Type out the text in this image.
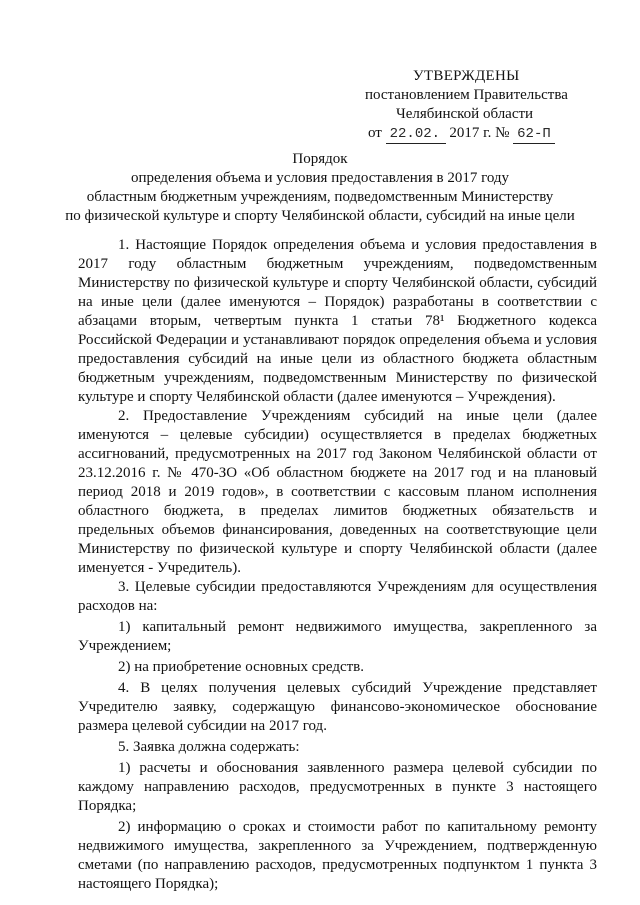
УТВЕРЖДЕНЫ
постановлением Правительства
Челябинской области
от 22.02. 2017 г. № 62-П
Порядок
определения объема и условия предоставления в 2017 году
областным бюджетным учреждениям, подведомственным Министерству
по физической культуре и спорту Челябинской области, субсидий на иные цели

1. Настоящие Порядок определения объема и условия предоставления в 2017 году областным бюджетным учреждениям, подведомственным Министерству по физической культуре и спорту Челябинской области, субсидий на иные цели (далее именуются – Порядок) разработаны в соответствии с абзацами вторым, четвертым пункта 1 статьи 78¹ Бюджетного кодекса Российской Федерации и устанавливают порядок определения объема и условия предоставления субсидий на иные цели из областного бюджета областным бюджетным учреждениям, подведомственным Министерству по физической культуре и спорту Челябинской области (далее именуются – Учреждения).

2. Предоставление Учреждениям субсидий на иные цели (далее именуются – целевые субсидии) осуществляется в пределах бюджетных ассигнований, предусмотренных на 2017 год Законом Челябинской области от 23.12.2016 г. № 470-ЗО «Об областном бюджете на 2017 год и на плановый период 2018 и 2019 годов», в соответствии с кассовым планом исполнения областного бюджета, в пределах лимитов бюджетных обязательств и предельных объемов финансирования, доведенных на соответствующие цели Министерству по физической культуре и спорту Челябинской области (далее именуется - Учредитель).

3. Целевые субсидии предоставляются Учреждениям для осуществления расходов на:

1) капитальный ремонт недвижимого имущества, закрепленного за Учреждением;

2) на приобретение основных средств.

4. В целях получения целевых субсидий Учреждение представляет Учредителю заявку, содержащую финансово-экономическое обоснование размера целевой субсидии на 2017 год.

5. Заявка должна содержать:

1) расчеты и обоснования заявленного размера целевой субсидии по каждому направлению расходов, предусмотренных в пункте 3 настоящего Порядка;

2) информацию о сроках и стоимости работ по капитальному ремонту недвижимого имущества, закрепленного за Учреждением, подтвержденную сметами (по направлению расходов, предусмотренных подпунктом 1 пункта 3 настоящего Порядка);
